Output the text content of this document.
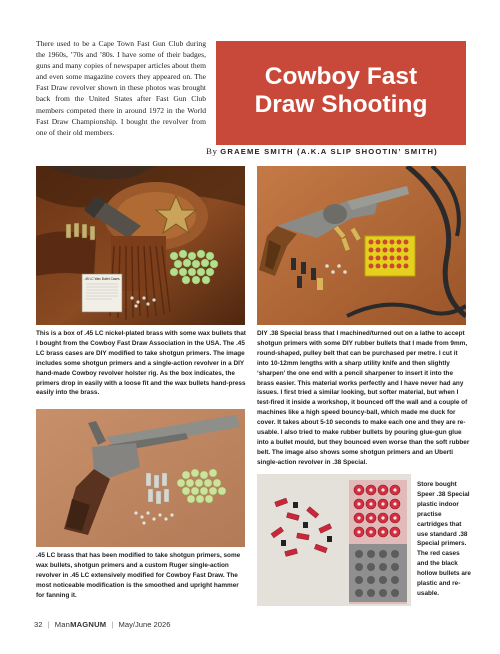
There used to be a Cape Town Fast Gun Club during the 1960s, ’70s and ’80s. I have some of their badges, guns and many copies of newspaper articles about them and even some magazine covers they appeared on. The Fast Draw revolver shown in these photos was brought back from the United States after Fast Gun Club members competed there in around 1972 in the World Fast Draw Championship. I bought the revolver from one of their old members.

Cowboy Fast
Draw Shooting
By GRAEME SMITH (A.K.A SLIP SHOOTIN’ SMITH)
.45 LC Wax Bullet Cases

This is a box of .45 LC nickel-plated brass with some wax bullets that I bought from the Cowboy Fast Draw Association in the USA. The .45 LC brass cases are DIY modified to take shotgun primers. The image includes some shotgun primers and a single-action revolver in a DIY hand-made Cowboy revolver holster rig. As the box indicates, the primers drop in easily with a loose fit and the wax bullets hand-press easily into the brass.

DIY .38 Special brass that I machined/turned out on a lathe to accept shotgun primers with some DIY rubber bullets that I made from 9mm, round-shaped, pulley belt that can be purchased per metre. I cut it into 10-12mm lengths with a sharp utility knife and then slightly ‘sharpen’ the one end with a pencil sharpener to insert it into the brass easier. This material works perfectly and I have never had any issues. I first tried a similar looking, but softer material, but when I test-fired it inside a workshop, it bounced off the wall and a couple of machines like a high speed bouncy-ball, which made me duck for cover. It takes about 5-10 seconds to make each one and they are re-usable. I also tried to make rubber bullets by pouring glue-gun glue into a bullet mould, but they bounced even worse than the soft rubber belt. The image also shows some shotgun primers and an Uberti single-action revolver in .38 Special.

.45 LC brass that has been modified to take shotgun primers, some wax bullets, shotgun primers and a custom Ruger single-action revolver in .45 LC extensively modified for Cowboy Fast Draw. The most noticeable modification is the smoothed and upright hammer for fanning it.

Store bought Speer .38 Special plastic indoor practise cartridges that use standard .38 Special primers. The red cases and the black hollow bullets are plastic and re-usable.

32 | ManMAGNUM | May/June 2026
